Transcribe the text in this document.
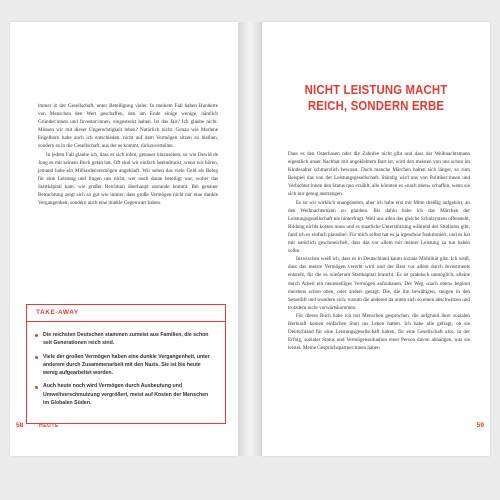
immer in der Gesellschaft, unter Beteiligung vieler. In meinem Fall haben Hunderte von Menschen den Wert geschaffen, den am Ende einige wenige, nämlich Gründer:innen und Investor:innen, eingesteckt haben. Ist das fair? Ich glaube nicht. Müssen wir mit dieser Ungerechtigkeit leben? Natürlich nicht. Genau wie Marlene Engelhorn habe auch ich entschieden, nicht auf dem Vermögen sitzen zu bleiben, sondern es in die Gesellschaft, aus der es kommt, rückzuverteilen.

In jedem Fall glaube ich, dass es sich lohnt, genauer hinzusehen, so wie Dewid de Jong es mit seinem Buch getan hat. Oft sind wir einfach beeindruckt, wenn wir hören, jemand habe ein Milliardenvermögen angehäuft. Wir sehen das viele Geld als Beleg für eine Leistung und fragen uns nicht, wer noch daran beteiligt war, woher das Startkapital kam, wie großer Reichtum überhaupt zustande kommt. Bei genauer Betrachtung zeigt sich so gut wie immer, dass große Vermögen nicht nur eine dunkle Vergangenheit, sondern auch eine dunkle Gegenwart haben.

TAKE-AWAY
Die reichsten Deutschen stammen zumeist aus Familien, die schon seit Generationen reich sind.
Viele der großen Vermögen haben eine dunkle Vergangenheit, unter anderem durch Zusammenarbeit mit den Nazis. Sie ist bis heute wenig aufgearbeitet worden.
Auch heute noch wird Vermögen durch Ausbeutung und Umweltverschmutzung vergrößert, meist auf Kosten der Menschen im Globalen Süden.
58	HEUTE
NICHT LEISTUNG MACHT REICH, SONDERN ERBE

Dass es den Osterhasen oder die Zahnfee nicht gibt und dass der Weihnachtsmann eigentlich unser Nachbar mit angeklebtem Bart ist, wird den meisten von uns schon im Kindesalter schmerzlich bewusst. Doch manche Märchen halten sich länger, so zum Beispiel das von der Leistungsgesellschaft. Ständig wird uns von Politiker:innen und Verbichter:innen den Status quo erzählt, alle könnten es »nach oben« schaffen, wenn sie sich nur genug anstrengen.

Es ist wir wirklich unangenehm, aber ich habe erst mit Mitte dreißig aufgehört, an den Weihnachtsmann zu glauben. Bis dahin habe ich das Märchen der Leistungsgesellschaft nie hinterfragt. Weil uns allen das gleiche Schulsystem offensteht, Bildung nichts kosten muss und es staatliche Unterstützung während des Studiums gibt, fand ich es einfach plausibel. Für mich selbst hat es ja irgendwie funktioniert, und es hat mir natürlich geschmeichelt, dass das vor allem mit meiner Leistung zu tun haben sollte.

Inzwischen weiß ich, dass es in Deutschland kaum soziale Mobilität gibt. Ich weiß, dass das meiste Vermögen vererbt wird und der Rest vor allem durch Investments entsteht, für die es wiederum Startkapital braucht. Es ist praktisch unmöglich, alleine durch Arbeit ein neunstelliges Vermögen aufzubauen. Der Weg »nach oben« beginnt meistens schon oben, oder anders gesagt: Die, die ihn bewältigen, steigen in den Sessellift und wundern sich, warum die anderen da unten sich so einen abschwitzen und trotzdem nicht vorwärtskommen.

Für dieses Buch habe ich mit Menschen gesprochen, die aufgrund ihrer sozialen Herkunft keinen einfachen Start ins Leben hatten. Ich habe alle gefragt, ob sie Deutschland für eine Leistungsgesellschaft halten, für eine Gesellschaft also, in der Erfolg, sozialer Status und Vermögenssituation einer Person davon abhängen, was sie leistet. Meine Gesprächspartner:innen haben

59
